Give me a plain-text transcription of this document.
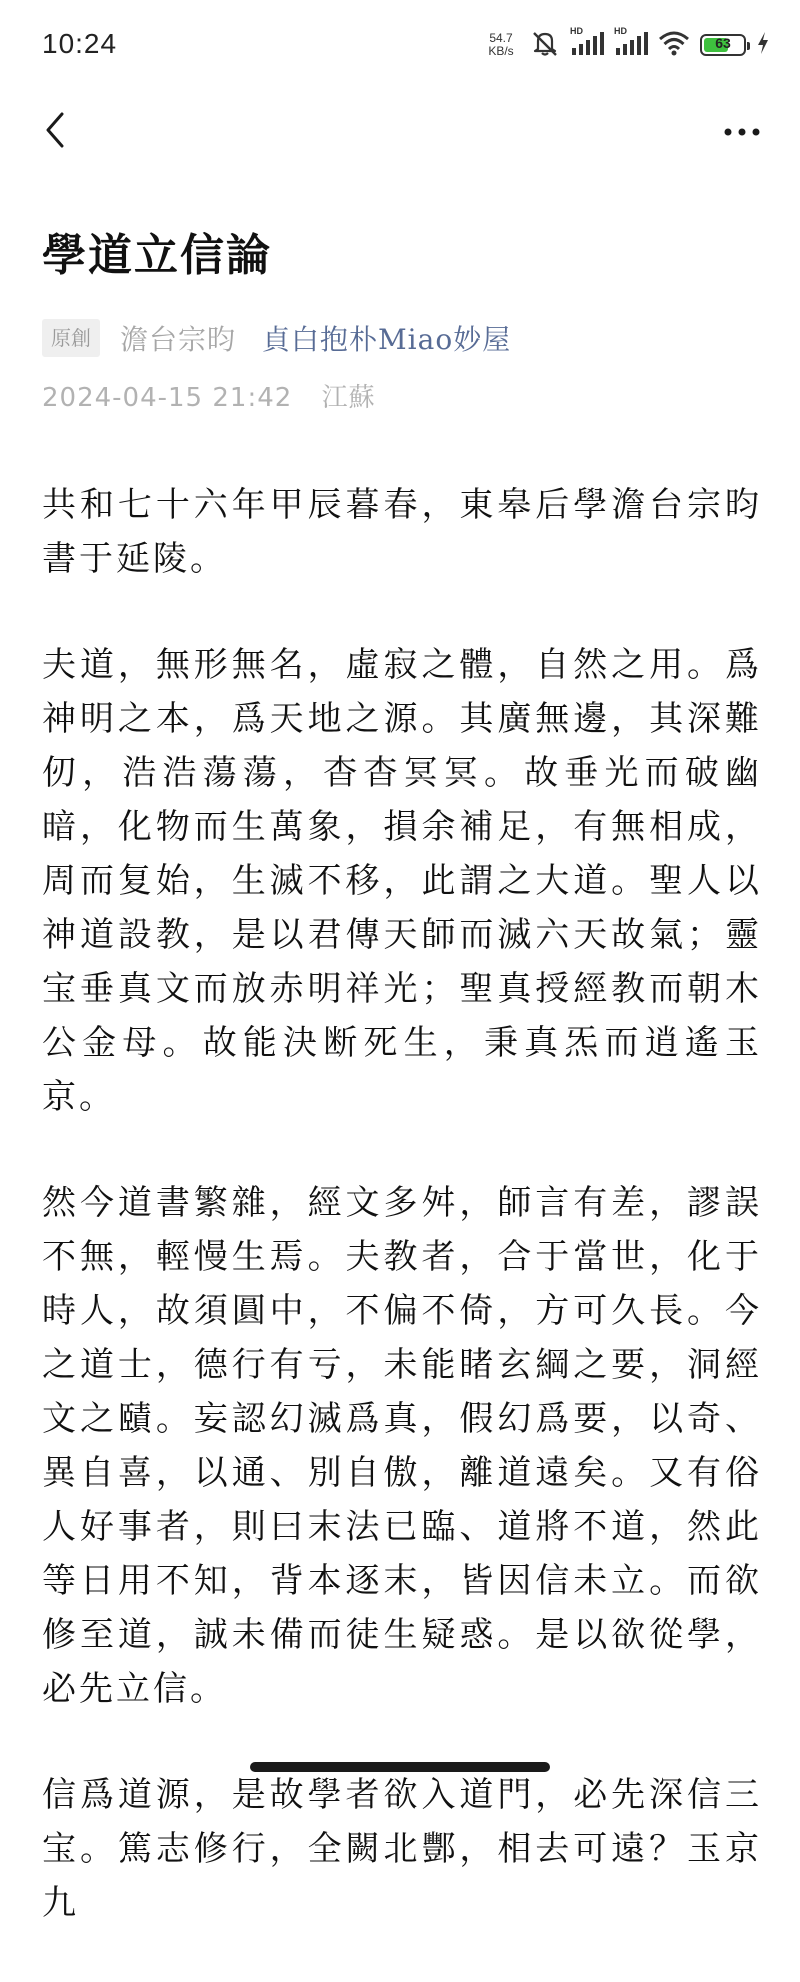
10:24	54.7
KB/s
HD	HD
63
學道立信論
原創	澹台宗昀 貞白抱朴Miao妙屋
2024-04-15 21:42 江蘇

共和七十六年甲辰暮春，東皋后學澹台宗昀書于延陵。

夫道，無形無名，虛寂之體，自然之用。爲神明之本，爲天地之源。其廣無邊，其深難仞，浩浩蕩蕩，杳杳冥冥。故垂光而破幽暗，化物而生萬象，損余補足，有無相成，周而复始，生滅不移，此謂之大道。聖人以神道設教，是以君傳天師而滅六天故氣；靈宝垂真文而放赤明祥光；聖真授經教而朝木公金母。故能決断死生，秉真炁而逍遙玉京。

然今道書繁雜，經文多舛，師言有差，謬誤不無，輕慢生焉。夫教者，合于當世，化于時人，故須圓中，不偏不倚，方可久長。今之道士，德行有亏，未能睹玄綱之要，洞經文之賾。妄認幻滅爲真，假幻爲要，以奇、異自喜，以通、別自傲，離道遠矣。又有俗人好事者，則曰末法已臨、道將不道，然此等日用不知，背本逐末，皆因信未立。而欲修至道，誠未備而徒生疑惑。是以欲從學，必先立信。

信爲道源，是故學者欲入道門，必先深信三宝。篤志修行，全闕北酆，相去可遠？玉京九
